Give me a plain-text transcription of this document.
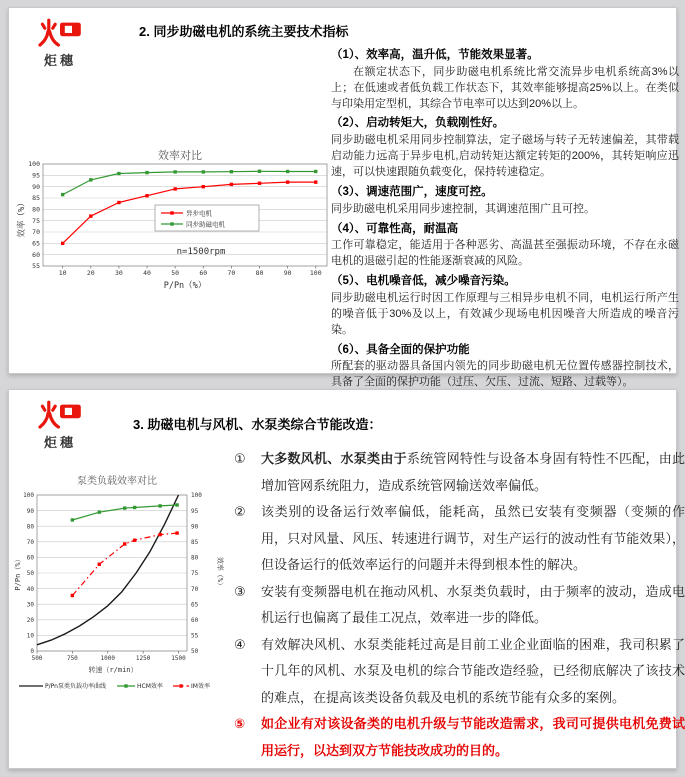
炬穗
2. 同步助磁电机的系统主要技术指标
55
60
65
70
75
80
85
90
95
100
10	20	30	40	50	60	70	80	90	100
效率对比
P/Pn（%）
效率（%）	异步电机
同步助磁电机
n=1500rpm
（1）、效率高，温升低，节能效果显著。
在额定状态下，同步助磁电机系统比常交流异步电机系统高3%以上；在低速或者低负载工作状态下，其效率能够提高25%以上。在类似与印染用定型机，其综合节电率可以达到20%以上。
（2）、启动转矩大，负载刚性好。
同步助磁电机采用同步控制算法，定子磁场与转子无转速偏差，其带载启动能力远高于异步电机,启动转矩达额定转矩的200%，其转矩响应迅速，可以快速跟随负载变化，保持转速稳定。
（3）、调速范围广，速度可控。
同步助磁电机采用同步速控制，其调速范围广且可控。
（4）、可靠性高，耐温高
工作可靠稳定，能适用于各种恶劣、高温甚至强振动环境，不存在永磁电机的退磁引起的性能逐渐衰减的风险。
（5）、电机噪音低，减少噪音污染。
同步助磁电机运行时因工作原理与三相异步电机不同，电机运行所产生的噪音低于30%及以上，有效减少现场电机因噪音大所造成的噪音污染。
（6）、具备全面的保护功能
所配套的驱动器具备国内领先的同步助磁电机无位置传感器控制技术，具备了全面的保护功能（过压、欠压、过流、短路、过载等）。
炬穗
3. 助磁电机与风机、水泵类综合节能改造：
0
10
20
30
40
50
60
70
80
90
100
50
55
60
65
70
75
80
85
90
95
100
500	750	1000	1250	1500
泵类负载效率对比
转速（r/min）
P/Pn（%）	效率（%）
P/Pn泵类负载功率曲线	HCM效率	IM效率
① 大多数风机、水泵类由于系统管网特性与设备本身固有特性不匹配，由此增加管网系统阻力，造成系统管网输送效率偏低。
② 该类别的设备运行效率偏低，能耗高，虽然已安装有变频器（变频的作用，只对风量、风压、转速进行调节，对生产运行的波动性有节能效果），但设备运行的低效率运行的问题并未得到根本性的解决。
③ 安装有变频器电机在拖动风机、水泵类负载时，由于频率的波动，造成电机运行也偏离了最佳工况点，效率进一步的降低。
④ 有效解决风机、水泵类能耗过高是目前工业企业面临的困难，我司积累了十几年的风机、水泵及电机的综合节能改造经验，已经彻底解决了该技术的难点，在提高该类设备负载及电机的系统节能有众多的案例。
⑤ 如企业有对该设备类的电机升级与节能改造需求，我司可提供电机免费试用运行，以达到双方节能技改成功的目的。
